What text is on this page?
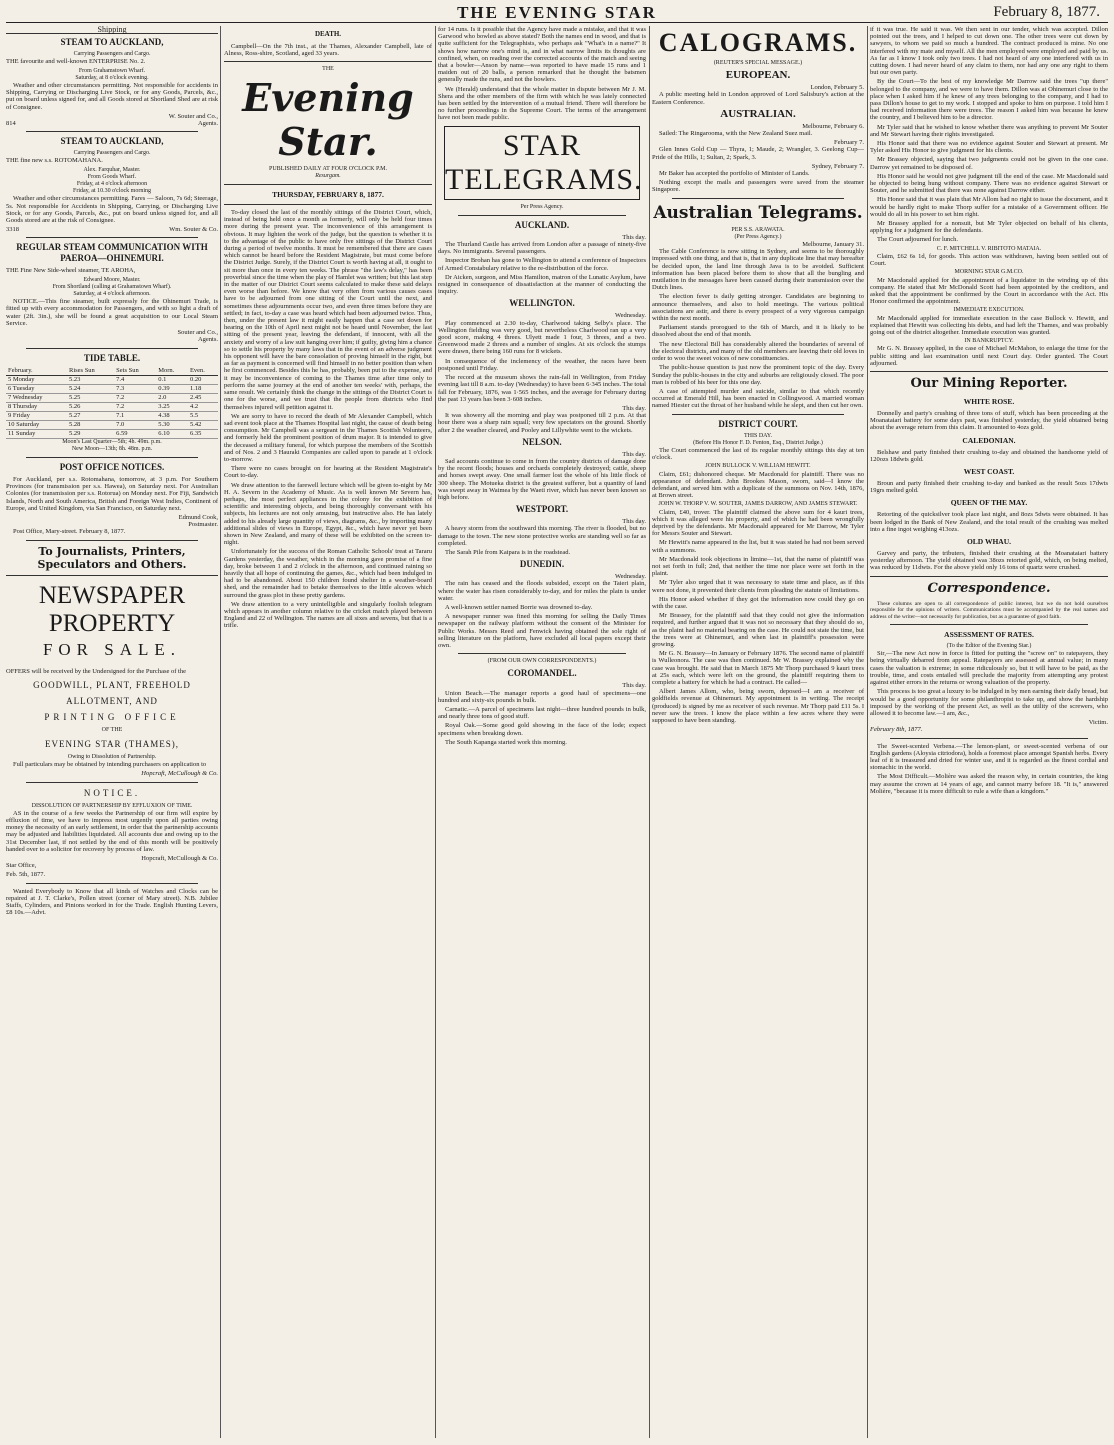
THE EVENING STAR	February 8, 1877.
Shipping
STEAM TO AUCKLAND,
Carrying Passengers and Cargo.

THE favourite and well-known ENTERPRISE No. 2.

From Grahamstown Wharf.
Saturday, at 8 o'clock evening.

Weather and other circumstances permitting. Not responsible for accidents in Shipping, Carrying or Discharging Live Stock, or for any Goods, Parcels, &c., put on board unless signed for, and all Goods stored at Shortland Shed are at risk of Consignee.

W. Souter and Co.,
814	Agents.
STEAM TO AUCKLAND,
Carrying Passengers and Cargo.

THE fine new s.s. ROTOMAHANA.

Alex. Farquhar, Master.
From Goods Wharf.
Friday, at 4 o'clock afternoon
Friday, at 10.30 o'clock morning

Weather and other circumstances permitting. Fares — Saloon, 7s 6d; Steerage, 5s. Not responsible for Accidents in Shipping, Carrying, or Discharging Live Stock, or for any Goods, Parcels, &c., put on board unless signed for, and all Goods stored are at the risk of Consignee.

3318	Wm. Souter & Co.
REGULAR STEAM COMMUNICATION WITH PAEROA—OHINEMURI.

THE Fine New Side-wheel steamer, TE AROHA,

Edward Moore, Master.
From Shortland (calling at Grahamstown Wharf).
Saturday, at 4 o'clock afternoon.

NOTICE.—This fine steamer, built expressly for the Ohinemuri Trade, is fitted up with every accommodation for Passengers, and with so light a draft of water (2ft. 3in.), she will be found a great acquisition to our Local Steam Service.

Souter and Co.,
Agents.
TIDE TABLE.
February.	Rises Sun	Sets Sun	Morn.	Even.
5 Monday	5.23	7.4	0.1	0.20
6 Tuesday	5.24	7.3	0.39	1.18
7 Wednesday	5.25	7.2	2.0	2.45
8 Thursday	5.26	7.2	3.25	4.2
9 Friday	5.27	7.1	4.38	5.5
10 Saturday	5.28	7.0	5.30	5.42
11 Sunday	5.29	6.59	6.10	6.35
Moon's Last Quarter—5th; 4h. 49m. p.m.
New Moon—13th; 8h. 48m. p.m.
POST OFFICE NOTICES.

For Auckland, per s.s. Rotomahana, tomorrow, at 3 p.m. For Southern Provinces (for transmission per s.s. Hawea), on Saturday next. For Australian Colonies (for transmission per s.s. Rotorua) on Monday next. For Fiji, Sandwich Islands, North and South America, British and Foreign West Indies, Continent of Europe, and United Kingdom, via San Francisco, on Saturday next.

Edmund Cook,
Postmaster.

Post Office, Mary-street. February 8, 1877.

To Journalists, Printers, Speculators and Others.
NEWSPAPER PROPERTY
FOR SALE.

OFFERS will be received by the Undersigned for the Purchase of the

GOODWILL, PLANT, FREEHOLD
ALLOTMENT, AND
PRINTING OFFICE
OF THE
EVENING STAR (THAMES),
Owing to Dissolution of Partnership.

Full particulars may be obtained by intending purchasers on application to

Hopcraft, McCullough & Co.
NOTICE.
DISSOLUTION OF PARTNERSHIP BY EFFLUXION OF TIME.

AS in the course of a few weeks the Partnership of our firm will expire by effluxion of time, we have to impress most urgently upon all parties owing money the necessity of an early settlement, in order that the partnership accounts may be adjusted and liabilities liquidated. All accounts due and owing up to the 31st December last, if not settled by the end of this month will be positively handed over to a solicitor for recovery by process of law.

Hopcraft, McCullough & Co.

Star Office,

Feb. 5th, 1877.

Wanted Everybody to Know that all kinds of Watches and Clocks can be repaired at J. T. Clarke's, Pollen street (corner of Mary street). N.B. Jubilee Staffs, Cylinders, and Pinions worked in for the Trade. English Hunting Levers, £8 10s.—Advt.

DEATH.

Campbell—On the 7th inst., at the Thames, Alexander Campbell, late of Alness, Ross-shire, Scotland, aged 33 years.

THE
Evening Star.
PUBLISHED DAILY AT FOUR O'CLOCK P.M.
Resurgam.
THURSDAY, FEBRUARY 8, 1877.

To-day closed the last of the monthly sittings of the District Court, which, instead of being held once a month as formerly, will only be held four times more during the present year. The inconvenience of this arrangement is obvious. It may lighten the work of the judge, but the question is whether it is to the advantage of the public to have only five sittings of the District Court during a period of twelve months. It must be remembered that there are cases which cannot be heard before the Resident Magistrate, but must come before the District Judge. Surely, if the District Court is worth having at all, it ought to sit more than once in every ten weeks. The phrase "the law's delay," has been proverbial since the time when the play of Hamlet was written; but this last step in the matter of our District Court seems calculated to make these said delays even worse than before. We know that very often from various causes cases have to be adjourned from one sitting of the Court until the next, and sometimes these adjournments occur two, and even three times before they are settled; in fact, to-day a case was heard which had been adjourned twice. Thus, then, under the present law it might easily happen that a case set down for hearing on the 10th of April next might not be heard until November, the last sitting of the present year, leaving the defendant, if innocent, with all the anxiety and worry of a law suit hanging over him; if guilty, giving him a chance so to settle his property by many laws that in the event of an adverse judgment his opponent will have the bare consolation of proving himself in the right, but as far as payment is concerned will find himself in no better position than when he first commenced. Besides this he has, probably, been put to the expense, and it may be inconvenience of coming to the Thames time after time only to perform the same journey at the end of another ten weeks' with, perhaps, the same result. We certainly think the change in the sittings of the District Court is one for the worse, and we trust that the people from districts who find themselves injured will petition against it.

We are sorry to have to record the death of Mr Alexander Campbell, which sad event took place at the Thames Hospital last night, the cause of death being consumption. Mr Campbell was a sergeant in the Thames Scottish Volunteers, and formerly held the prominent position of drum major. It is intended to give the deceased a military funeral, for which purpose the members of the Scottish and of Nos. 2 and 3 Hauraki Companies are called upon to parade at 1 o'clock to-morrow.

There were no cases brought on for hearing at the Resident Magistrate's Court to-day.

We draw attention to the farewell lecture which will be given to-night by Mr H. A. Severn in the Academy of Music. As is well known Mr Severn has, perhaps, the most perfect appliances in the colony for the exhibition of scientific and interesting objects, and being thoroughly conversant with his subjects, his lectures are not only amusing, but instructive also. He has lately added to his already large quantity of views, diagrams, &c., by importing many additional slides of views in Europe, Egypt, &c., which have never yet been shown in New Zealand, and many of these will be exhibited on the screen to-night.

Unfortunately for the success of the Roman Catholic Schools' treat at Tararu Gardens yesterday, the weather, which in the morning gave promise of a fine day, broke between 1 and 2 o'clock in the afternoon, and continued raining so heavily that all hope of continuing the games, &c., which had been indulged in had to be abandoned. About 150 children found shelter in a weather-board shed, and the remainder had to betake themselves to the little alcoves which surround the grass plot in these pretty gardens.

We draw attention to a very unintelligible and singularly foolish telegram which appears in another column relative to the cricket match played between England and 22 of Wellington. The names are all sixes and sevens, but that is a trifle.

for 14 runs. Is it possible that the Agency have made a mistake, and that it was Garwood who bowled as above stated? Both the names end in wood, and that is quite sufficient for the Telegraphists, who perhaps ask "What's in a name?" It shows how narrow one's mind is, and in what narrow limits its thoughts are confined, when, on reading over the corrected accounts of the match and seeing that a bowler—Anson by name—was reported to have made 15 runs and 1 maiden out of 20 balls, a person remarked that he thought the batsmen generally made the runs, and not the bowlers.

We (Herald) understand that the whole matter in dispute between Mr J. M. Shera and the other members of the firm with which he was lately connected has been settled by the intervention of a mutual friend. There will therefore be no further proceedings in the Supreme Court. The terms of the arrangement have not been made public.

STAR TELEGRAMS.
Per Press Agency.
AUCKLAND.
This day.

The Thurland Castle has arrived from London after a passage of ninety-five days. No immigrants. Several passengers.

Inspector Brohan has gone to Wellington to attend a conference of Inspectors of Armed Constabulary relative to the re-distribution of the force.

Dr Aicken, surgeon, and Miss Hamilton, matron of the Lunatic Asylum, have resigned in consequence of dissatisfaction at the manner of conducting the inquiry.

WELLINGTON.
Wednesday.

Play commenced at 2.30 to-day, Charlwood taking Selby's place. The Wellington fielding was very good, but nevertheless Charlwood ran up a very good score, making 4 threes. Ulyett made 1 four, 3 threes, and a two. Greenwood made 2 threes and a number of singles. At six o'clock the stumps were drawn, there being 160 runs for 8 wickets.

In consequence of the inclemency of the weather, the races have been postponed until Friday.

The record at the museum shows the rain-fall in Wellington, from Friday evening last till 8 a.m. to-day (Wednesday) to have been 6·345 inches. The total fall for February, 1876, was 1·565 inches, and the average for February during the past 13 years has been 3·608 inches.

This day.

It was showery all the morning and play was postponed till 2 p.m. At that hour there was a sharp rain squall; very few spectators on the ground. Shortly after 2 the weather cleared, and Pooley and Lillywhite went to the wickets.

NELSON.
This day.

Sad accounts continue to come in from the country districts of damage done by the recent floods; houses and orchards completely destroyed; cattle, sheep and horses swept away. One small farmer lost the whole of his little flock of 300 sheep. The Motueka district is the greatest sufferer, but a quantity of land was swept away in Waimea by the Waeti river, which has never been known so high before.

WESTPORT.
This day.

A heavy storm from the southward this morning. The river is flooded, but no damage to the town. The new stone protective works are standing well so far as completed.

The Sarah Pile from Kaipara is in the roadstead.

DUNEDIN.
Wednesday.

The rain has ceased and the floods subsided, except on the Taieri plain, where the water has risen considerably to-day, and for miles the plain is under water.

A well-known settler named Borrie was drowned to-day.

A newspaper runner was fined this morning for selling the Daily Times newspaper on the railway platform without the consent of the Minister for Public Works. Messrs Reed and Fenwick having obtained the sole right of selling literature on the platform, have excluded all local papers except their own.

(FROM OUR OWN CORRESPONDENTS.)
COROMANDEL.
This day.

Union Beach.—The manager reports a good haul of specimens—one hundred and sixty-six pounds in bulk.

Carnatic.—A parcel of specimens last night—three hundred pounds in bulk, and nearly three tons of good stuff.

Royal Oak.—Some good gold showing in the face of the lode; expect specimens when breaking down.

The South Kapanga started work this morning.

CALOGRAMS.
(REUTER'S SPECIAL MESSAGE.)
EUROPEAN.
London, February 5.

A public meeting held in London approved of Lord Salisbury's action at the Eastern Conference.

AUSTRALIAN.
Melbourne, February 6.

Sailed: The Ringarooma, with the New Zealand Suez mail.

February 7.

Glen Innes Gold Cup — Thyra, 1; Maude, 2; Wrangler, 3. Geelong Cup—Pride of the Hills, 1; Sultan, 2; Spark, 3.

Sydney, February 7.

Mr Baker has accepted the portfolio of Minister of Lands.

Nothing except the mails and passengers were saved from the steamer Singapore.

Australian Telegrams.
PER S.S. ARAWATA.
(Per Press Agency.)
Melbourne, January 31.

The Cable Conference is now sitting in Sydney, and seems to be thoroughly impressed with one thing, and that is, that in any duplicate line that may hereafter be decided upon, the land line through Java is to be avoided. Sufficient information has been placed before them to show that all the bungling and mutilation in the messages have been caused during their transmission over the Dutch lines.

The election fever is daily getting stronger. Candidates are beginning to announce themselves, and also to hold meetings. The various political associations are astir, and there is every prospect of a very vigorous campaign within the next month.

Parliament stands prorogued to the 6th of March, and it is likely to be dissolved about the end of that month.

The new Electoral Bill has considerably altered the boundaries of several of the electoral districts, and many of the old members are leaving their old loves in order to woo the sweet voices of new constituencies.

The public-house question is just now the prominent topic of the day. Every Sunday the public-houses in the city and suburbs are religiously closed. The poor man is robbed of his beer for this one day.

A case of attempted murder and suicide, similar to that which recently occurred at Emerald Hill, has been enacted in Collingwood. A married woman named Hiester cut the throat of her husband while he slept, and then cut her own.

DISTRICT COURT.
THIS DAY.
(Before His Honor F. D. Fenton, Esq., District Judge.)

The Court commenced the last of its regular monthly sittings this day at ten o'clock.

JOHN BULLOCK V. WILLIAM HEWITT.

Claim, £61; dishonored cheque. Mr Macdonald for plaintiff. There was no appearance of defendant. John Brookes Mason, sworn, said—I know the defendant, and served him with a duplicate of the summons on Nov. 14th, 1876, at Brown street.

JOHN W. THORP V. W. SOUTER, JAMES DARROW, AND JAMES STEWART.

Claim, £40, trover. The plaintiff claimed the above sum for 4 kauri trees, which it was alleged were his property, and of which he had been wrongfully deprived by the defendants. Mr Macdonald appeared for Mr Darrow, Mr Tyler for Messrs Souter and Stewart.

Mr Hewitt's name appeared in the list, but it was stated he had not been served with a summons.

Mr Macdonald took objections in limine—1st, that the name of plaintiff was not set forth in full; 2nd, that neither the time nor place were set forth in the plaint.

Mr Tyler also urged that it was necessary to state time and place, as if this were not done, it prevented their clients from pleading the statute of limitations.

His Honor asked whether if they got the information now could they go on with the case.

Mr Brassey, for the plaintiff said that they could not give the information required, and further argued that it was not so necessary that they should do so, as the plaint had no material bearing on the case. He could not state the time, but the trees were at Ohinemuri, and when last in plaintiff's possession were growing.

Mr G. N. Brassey—In January or February 1876. The second name of plaintiff is Wulleonora. The case was then continued. Mr W. Brassey explained why the case was brought. He said that in March 1875 Mr Thorp purchased 9 kauri trees at 25s each, which were left on the ground, the plaintiff requiring them to complete a battery for which he had a contract. He called—

Albert James Allom, who, being sworn, deposed—I am a receiver of goldfields revenue at Ohinemuri. My appointment is in writing. The receipt (produced) is signed by me as receiver of such revenue. Mr Thorp paid £11 5s. I never saw the trees. I know the place within a few acres where they were supposed to have been standing.

if it was true. He said it was. We then sent in our tender, which was accepted. Dillon pointed out the trees, and I helped to cut down one. The other trees were cut down by sawyers, to whom we paid so much a hundred. The contract produced is mine. No one interfered with my mate and myself. All the men employed were employed and paid by us. As far as I know I took only two trees. I had not heard of any one interfered with us in cutting down. I had never heard of any claim to them, nor had any one any right to them but our own party.

By the Court—To the best of my knowledge Mr Darrow said the trees "up there" belonged to the company, and we were to have them. Dillon was at Ohinemuri close to the place when I asked him if he knew of any trees belonging to the company, and I had to pass Dillon's house to get to my work. I stopped and spoke to him on purpose. I told him I had received information there were trees. The reason I asked him was because he knew the country, and I believed him to be a director.

Mr Tyler said that he wished to know whether there was anything to prevent Mr Souter and Mr Stewart having their rights investigated.

His Honor said that there was no evidence against Souter and Stewart at present. Mr Tyler asked His Honor to give judgment for his clients.

Mr Brassey objected, saying that two judgments could not be given in the one case. Darrow yet remained to be disposed of.

His Honor said he would not give judgment till the end of the case. Mr Macdonald said he objected to being hung without company. There was no evidence against Stewart or Souter, and he submitted that there was none against Darrow either.

His Honor said that it was plain that Mr Allom had no right to issue the document, and it would be hardly right to make Thorp suffer for a mistake of a Government officer. He would do all in his power to set him right.

Mr Brassey applied for a nonsuit, but Mr Tyler objected on behalf of his clients, applying for a judgment for the defendants.

The Court adjourned for lunch.

C. F. MITCHELL V. RIBITOTO MATAIA.

Claim, £62 6s 1d, for goods. This action was withdrawn, having been settled out of Court.

MORNING STAR G.M.CO.

Mr Macdonald applied for the appointment of a liquidator in the winding up of this company. He stated that Mr McDonald Scott had been appointed by the creditors, and asked that the appointment be confirmed by the Court in accordance with the Act. His Honor confirmed the appointment.

IMMEDIATE EXECUTION.

Mr Macdonald applied for immediate execution in the case Bullock v. Hewitt, and explained that Hewitt was collecting his debts, and had left the Thames, and was probably going out of the district altogether. Immediate execution was granted.

IN BANKRUPTCY.

Mr G. N. Brassey applied, in the case of Michael McMahon, to enlarge the time for the public sitting and last examination until next Court day. Order granted. The Court adjourned.

Our Mining Reporter.
WHITE ROSE.

Donnelly and party's crushing of three tons of stuff, which has been proceeding at the Moanataiari battery for some days past, was finished yesterday, the yield obtained being about the average return from this claim. It amounted to 4ozs gold.

CALEDONIAN.

Belshaw and party finished their crushing to-day and obtained the handsome yield of 120ozs 18dwts gold.

WEST COAST.

Broun and party finished their crushing to-day and banked as the result 5ozs 17dwts 19grs melted gold.

QUEEN OF THE MAY.

Retorting of the quicksilver took place last night, and 8ozs 5dwts were obtained. It has been lodged in the Bank of New Zealand, and the total result of the crushing was melted into a fine ingot weighing 413ozs.

OLD WHAU.

Garvey and party, the tributers, finished their crushing at the Moanataiari battery yesterday afternoon. The yield obtained was 38ozs retorted gold, which, on being melted, was reduced by 11dwts. For the above yield only 16 tons of quartz were crushed.

Correspondence.

These columns are open to all correspondence of public interest, but we do not hold ourselves responsible for the opinions of writers. Communications must be accompanied by the real names and address of the writer—not necessarily for publication, but as a guarantee of good faith.

ASSESSMENT OF RATES.
(To the Editor of the Evening Star.)

Sir,—The new Act now in force is fitted for putting the "screw on" to ratepayers, they being virtually debarred from appeal. Ratepayers are assessed at annual value; in many cases the valuation is extreme; in some ridiculously so, but it will have to be paid, as the trouble, time, and costs entailed will preclude the majority from attempting any protest against either errors in the returns or wrong valuation of the property.

This process is too great a luxury to be indulged in by men earning their daily bread, but would be a good opportunity for some philanthropist to take up, and show the hardship imposed by the working of the present Act, as well as the utility of the screwers, who allowed it to become law.—I am, &c.,

Victim.

February 8th, 1877.

The Sweet-scented Verbena.—The lemon-plant, or sweet-scented verbena of our English gardens (Aloysia citriodora), holds a foremost place amongst Spanish herbs. Every leaf of it is treasured and dried for winter use, and it is regarded as the finest cordial and stomachic in the world.

The Most Difficult.—Molière was asked the reason why, in certain countries, the king may assume the crown at 14 years of age, and cannot marry before 18. "It is," answered Molière, "because it is more difficult to rule a wife than a kingdom."
